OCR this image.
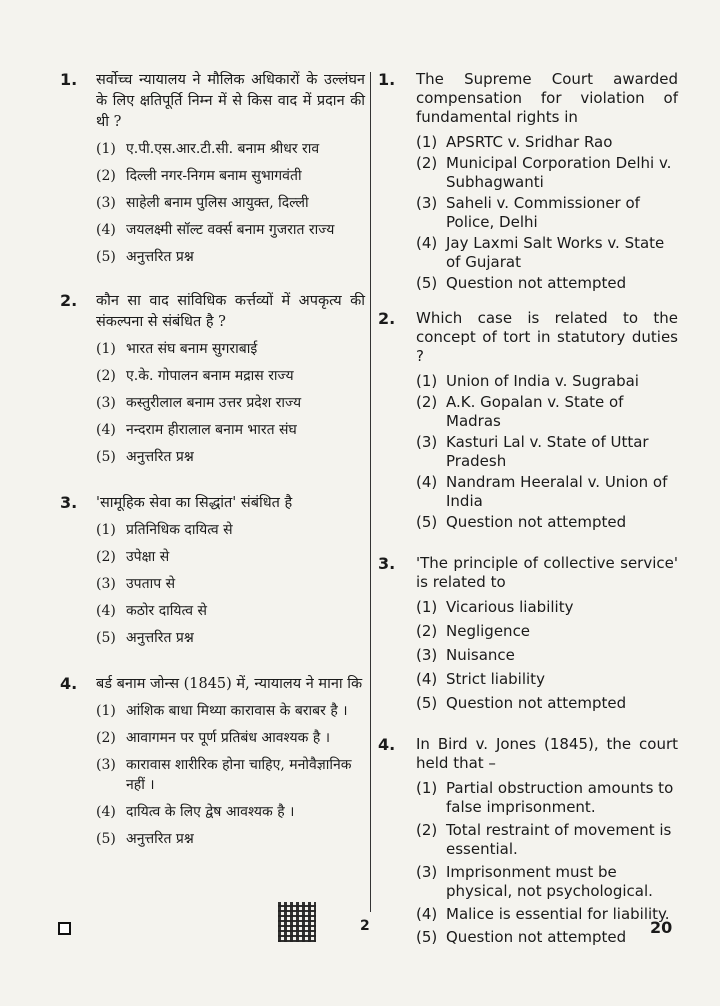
1. सर्वोच्च न्यायालय ने मौलिक अधिकारों के उल्लंघन के लिए क्षतिपूर्ति निम्न में से किस वाद में प्रदान की थी ?
(1) ए.पी.एस.आर.टी.सी. बनाम श्रीधर राव
(2) दिल्ली नगर-निगम बनाम सुभागवंती
(3) साहेली बनाम पुलिस आयुक्त, दिल्ली
(4) जयलक्ष्मी सॉल्ट वर्क्स बनाम गुजरात राज्य
(5) अनुत्तरित प्रश्न
2. कौन सा वाद सांविधिक कर्त्तव्यों में अपकृत्य की संकल्पना से संबंधित है ?
(1) भारत संघ बनाम सुगराबाई
(2) ए.के. गोपालन बनाम मद्रास राज्य
(3) कस्तुरीलाल बनाम उत्तर प्रदेश राज्य
(4) नन्दराम हीरालाल बनाम भारत संघ
(5) अनुत्तरित प्रश्न
3. 'सामूहिक सेवा का सिद्धांत' संबंधित है
(1) प्रतिनिधिक दायित्व से
(2) उपेक्षा से
(3) उपताप से
(4) कठोर दायित्व से
(5) अनुत्तरित प्रश्न
4. बर्ड बनाम जोन्स (1845) में, न्यायालय ने माना कि
(1) आंशिक बाधा मिथ्या कारावास के बराबर है ।
(2) आवागमन पर पूर्ण प्रतिबंध आवश्यक है ।
(3) कारावास शारीरिक होना चाहिए, मनोवैज्ञानिक नहीं ।
(4) दायित्व के लिए द्वेष आवश्यक है ।
(5) अनुत्तरित प्रश्न
1. The Supreme Court awarded compensation for violation of fundamental rights in
(1) APSRTC v. Sridhar Rao
(2) Municipal Corporation Delhi v. Subhagwanti
(3) Saheli v. Commissioner of Police, Delhi
(4) Jay Laxmi Salt Works v. State of Gujarat
(5) Question not attempted
2. Which case is related to the concept of tort in statutory duties ?
(1) Union of India v. Sugrabai
(2) A.K. Gopalan v. State of Madras
(3) Kasturi Lal v. State of Uttar Pradesh
(4) Nandram Heeralal v. Union of India
(5) Question not attempted
3. 'The principle of collective service' is related to
(1) Vicarious liability
(2) Negligence
(3) Nuisance
(4) Strict liability
(5) Question not attempted
4. In Bird v. Jones (1845), the court held that –
(1) Partial obstruction amounts to false imprisonment.
(2) Total restraint of movement is essential.
(3) Imprisonment must be physical, not psychological.
(4) Malice is essential for liability.
(5) Question not attempted
2	20
